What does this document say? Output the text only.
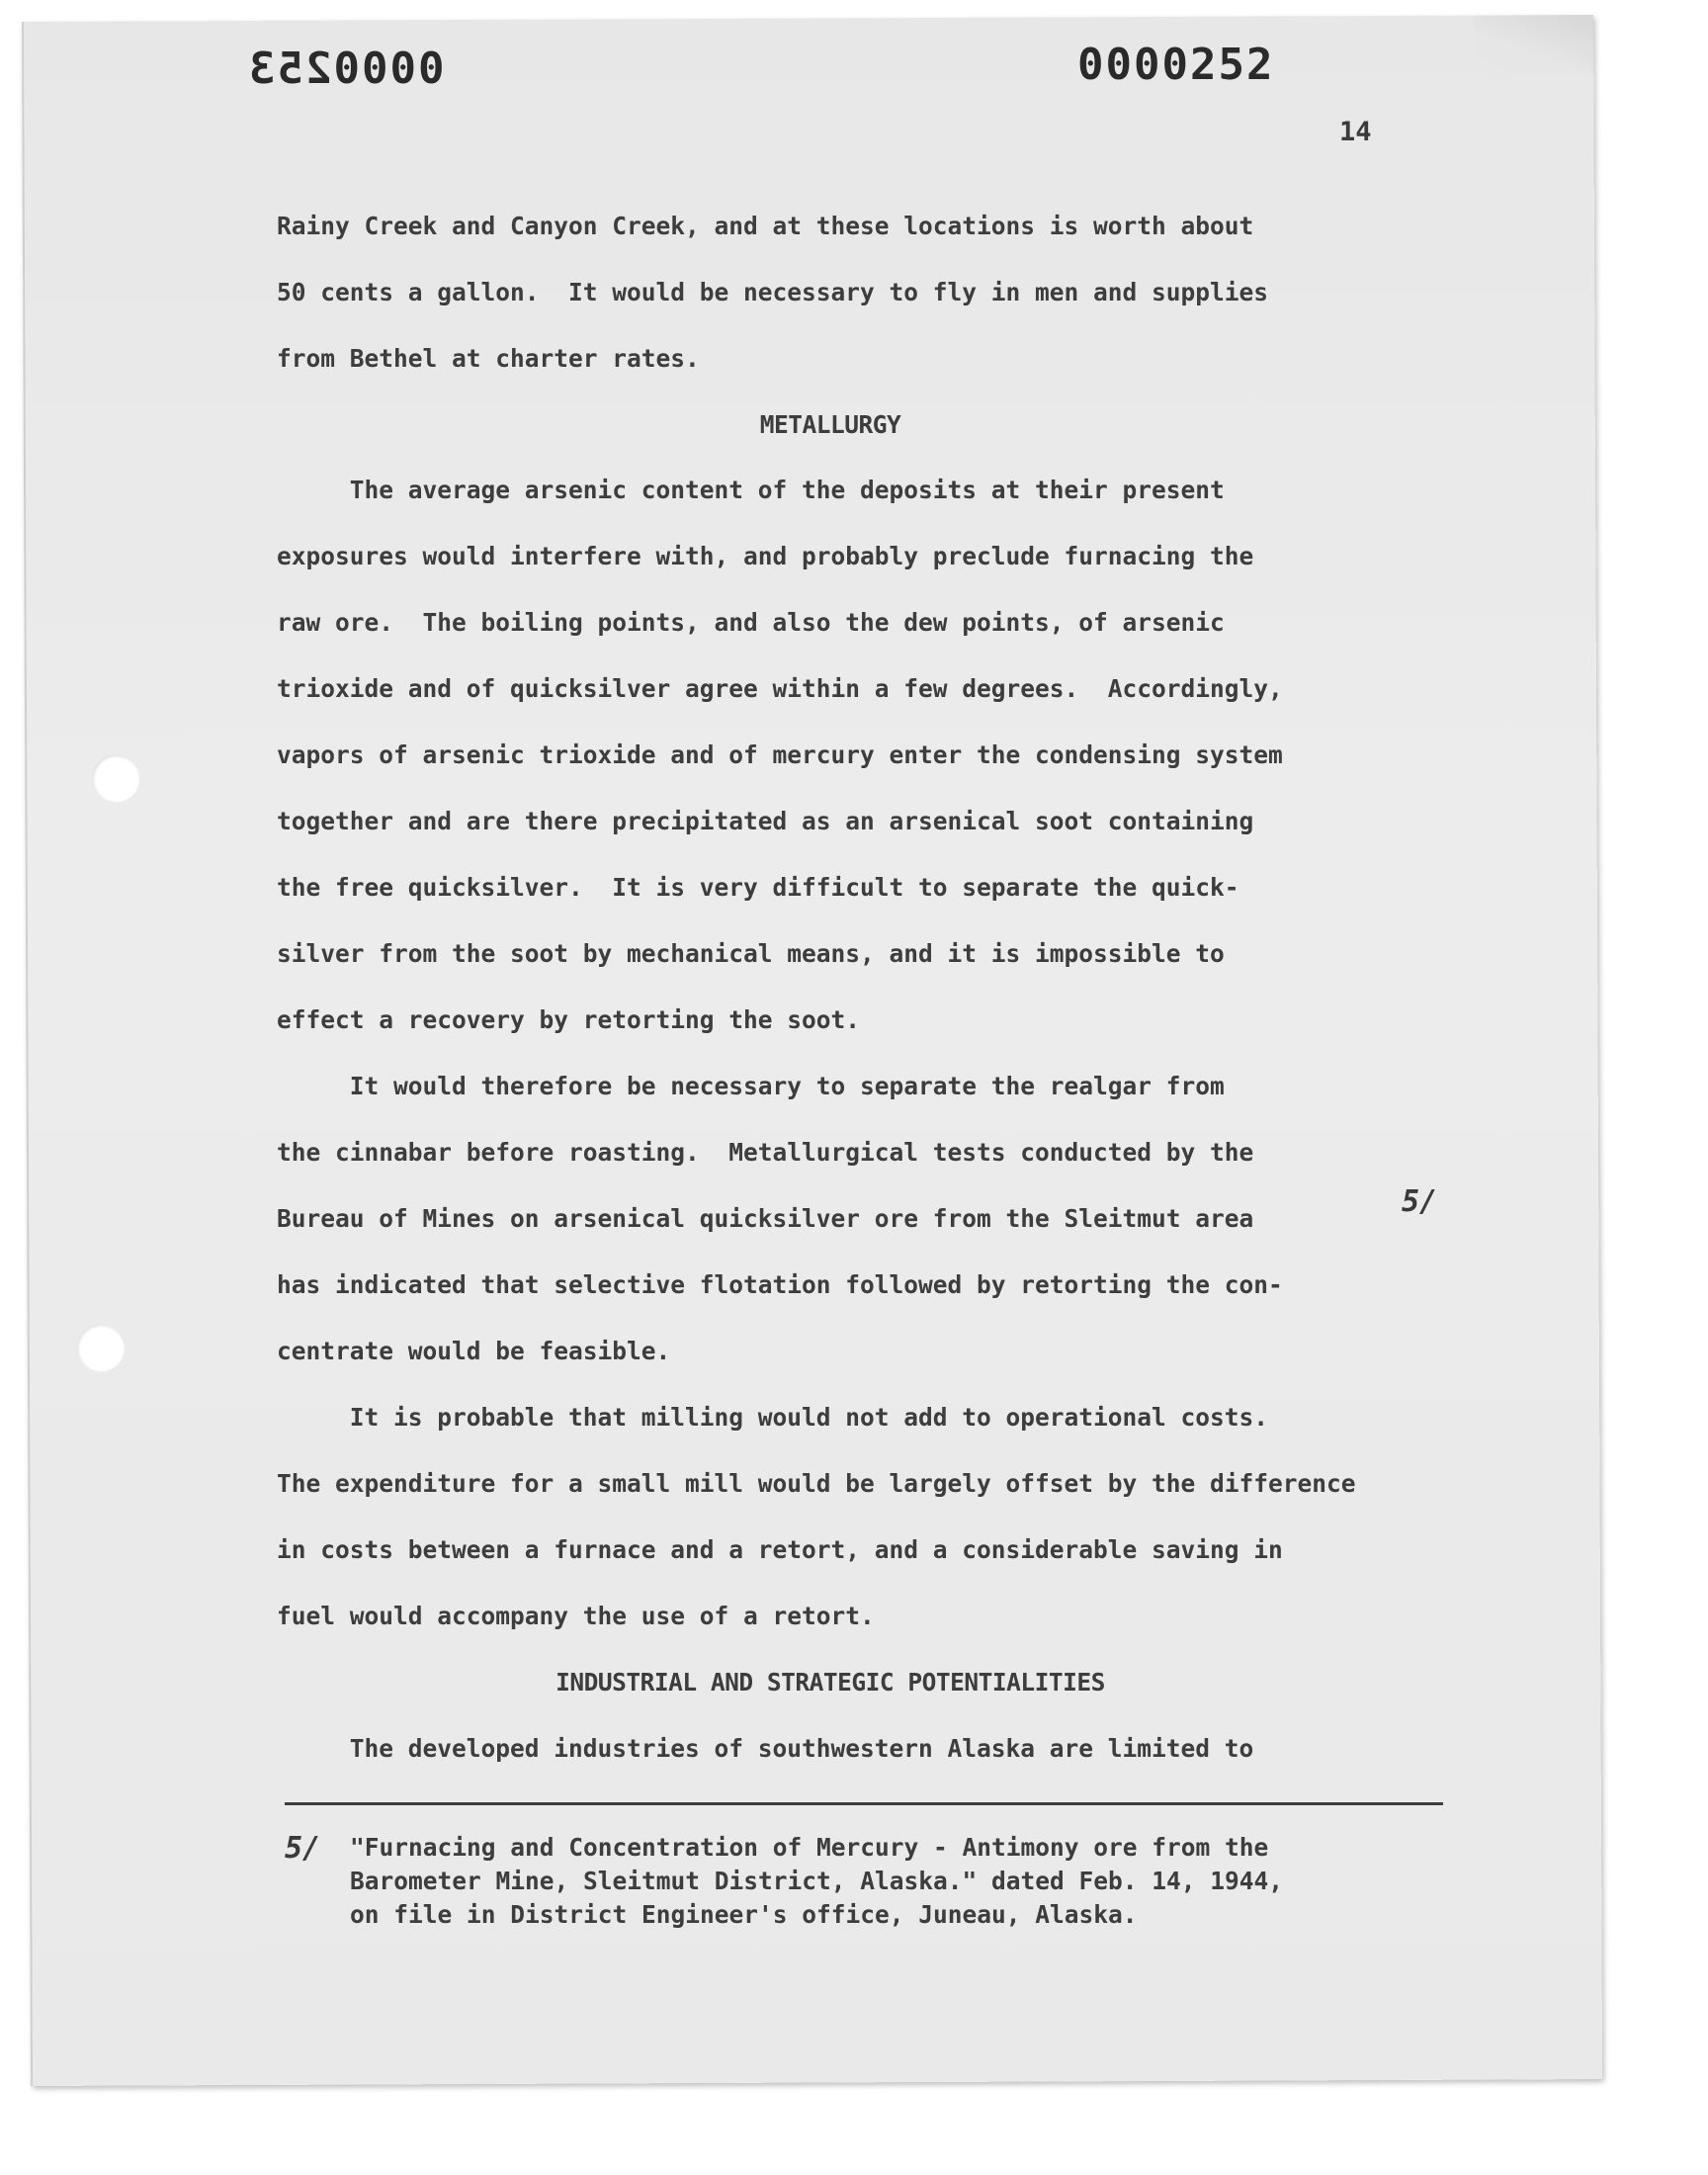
0000253	0000252
14
Rainy Creek and Canyon Creek, and at these locations is worth about
50 cents a gallon.  It would be necessary to fly in men and supplies
from Bethel at charter rates.
METALLURGY
The average arsenic content of the deposits at their present
exposures would interfere with, and probably preclude furnacing the
raw ore.  The boiling points, and also the dew points, of arsenic
trioxide and of quicksilver agree within a few degrees.  Accordingly,
vapors of arsenic trioxide and of mercury enter the condensing system
together and are there precipitated as an arsenical soot containing
the free quicksilver.  It is very difficult to separate the quick-
silver from the soot by mechanical means, and it is impossible to
effect a recovery by retorting the soot.
It would therefore be necessary to separate the realgar from
the cinnabar before roasting.  Metallurgical tests conducted by the
Bureau of Mines on arsenical quicksilver ore from the Sleitmut area
has indicated that selective flotation followed by retorting the con-
centrate would be feasible.
It is probable that milling would not add to operational costs.
The expenditure for a small mill would be largely offset by the difference
in costs between a furnace and a retort, and a considerable saving in
fuel would accompany the use of a retort.
INDUSTRIAL AND STRATEGIC POTENTIALITIES
The developed industries of southwestern Alaska are limited to
5/
5/ "Furnacing and Concentration of Mercury - Antimony ore from the
Barometer Mine, Sleitmut District, Alaska." dated Feb. 14, 1944,
on file in District Engineer's office, Juneau, Alaska.
